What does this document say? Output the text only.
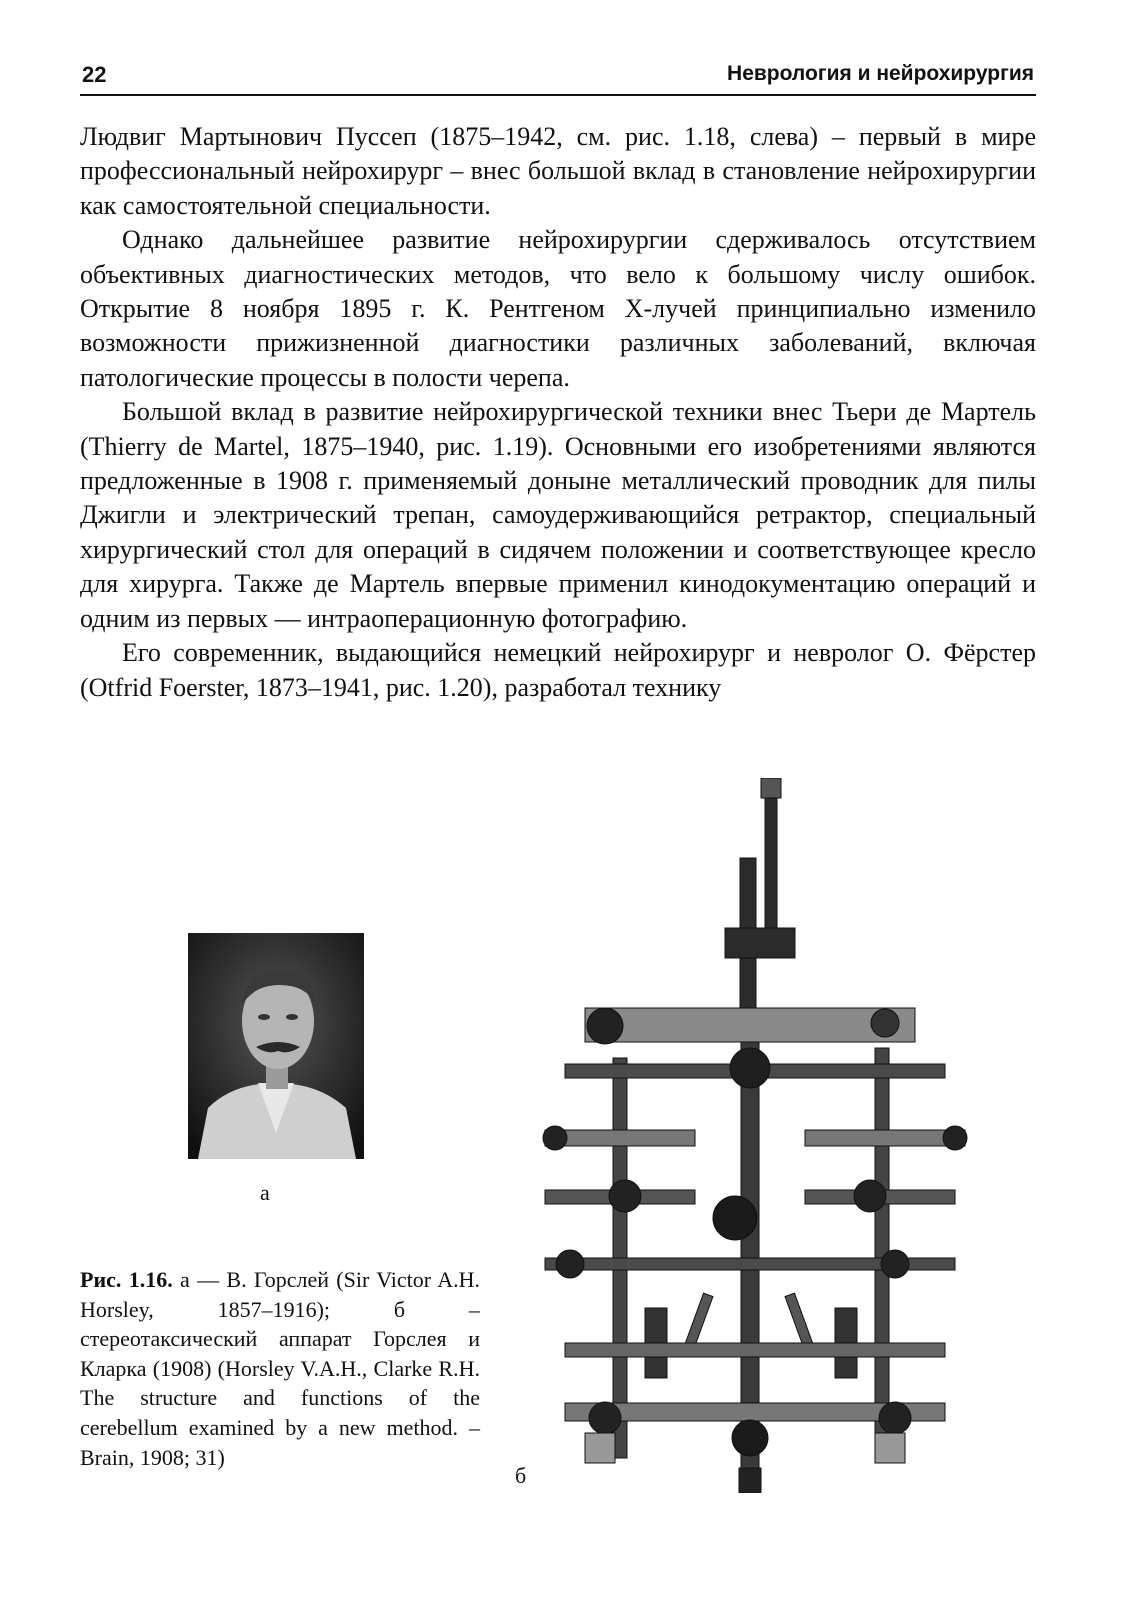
22	Неврология и нейрохирургия

Людвиг Мартынович Пуссеп (1875–1942, см. рис. 1.18, слева) – первый в мире профессиональный нейрохирург – внес большой вклад в становление нейрохирургии как самостоятельной специальности.

Однако дальнейшее развитие нейрохирургии сдерживалось отсутствием объективных диагностических методов, что вело к большому числу ошибок. Открытие 8 ноября 1895 г. К. Рентгеном Х-лучей принципиально изменило возможности прижизненной диагностики различных заболеваний, включая патологические процессы в полости черепа.

Большой вклад в развитие нейрохирургической техники внес Тьери де Мартель (Thierry de Martel, 1875–1940, рис. 1.19). Основными его изобретениями являются предложенные в 1908 г. применяемый доныне металлический проводник для пилы Джигли и электрический трепан, самоудерживающийся ретрактор, специальный хирургический стол для операций в сидячем положении и соответствующее кресло для хирурга. Также де Мартель впервые применил кинодокументацию операций и одним из первых — интраоперационную фотографию.

Его современник, выдающийся немецкий нейрохирург и невролог О. Фёрстер (Otfrid Foerster, 1873–1941, рис. 1.20), разработал технику

а
Рис. 1.16. а — В. Горслей (Sir Victor A.H. Horsley, 1857–1916); б – стереотаксический аппарат Горслея и Кларка (1908) (Horsley V.A.H., Clarke R.H. The structure and functions of the cerebellum examined by a new method. – Brain, 1908; 31)
б
